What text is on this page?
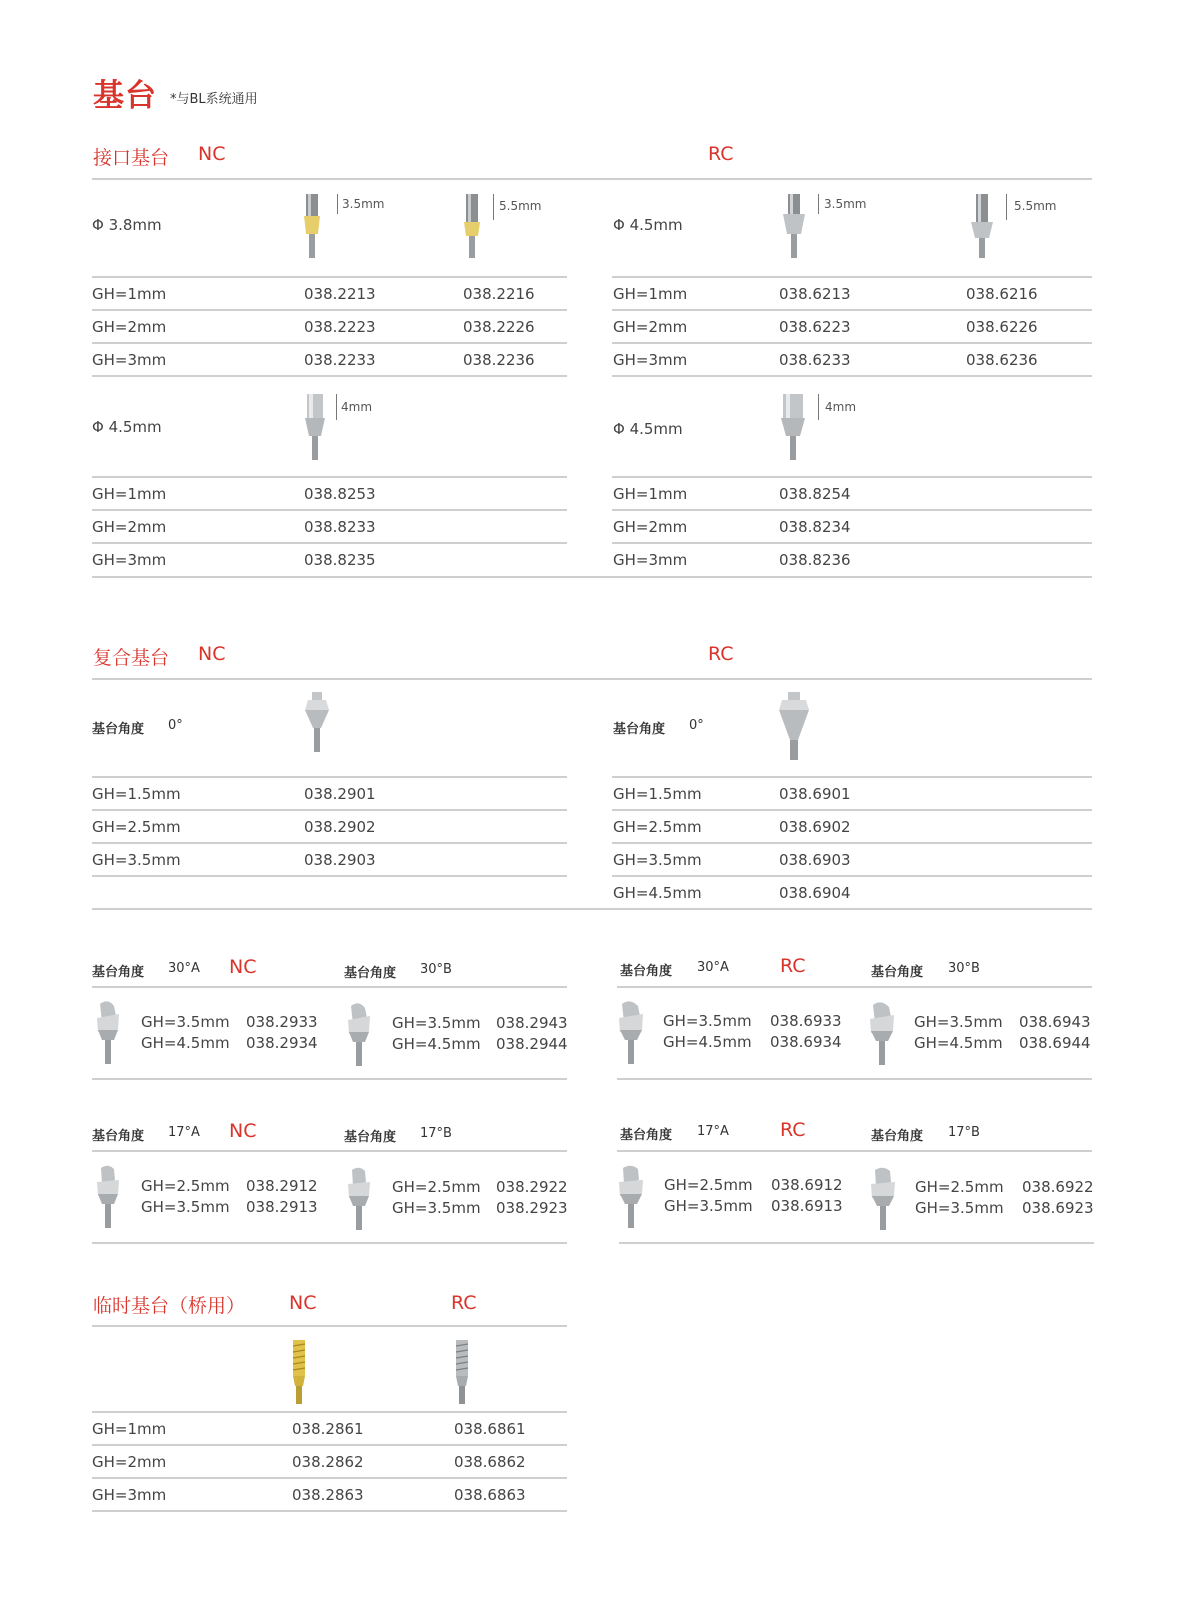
基台 *与BL系统通用
接口基台 NC	RC
Φ 3.8mm
3.5mm	5.5mm
Φ 4.5mm
3.5mm	5.5mm
GH=1mm	038.2213	038.2216
GH=2mm	038.2223	038.2226
GH=3mm	038.2233	038.2236
GH=1mm	038.6213	038.6216
GH=2mm	038.6223	038.6226
GH=3mm	038.6233	038.6236
Φ 4.5mm
4mm
Φ 4.5mm
4mm
GH=1mm	038.8253
GH=2mm	038.8233
GH=3mm	038.8235
GH=1mm	038.8254
GH=2mm	038.8234
GH=3mm	038.8236
复合基台 NC	RC
基台角度 0°	基台角度 0°
GH=1.5mm	038.2901
GH=2.5mm	038.2902
GH=3.5mm	038.2903
GH=1.5mm	038.6901
GH=2.5mm	038.6902
GH=3.5mm	038.6903
GH=4.5mm	038.6904
基台角度 30°A NC	基台角度 30°B	基台角度 30°A	RC	基台角度 30°B
GH=3.5mm 038.2933
GH=4.5mm 038.2934
GH=3.5mm 038.2943
GH=4.5mm 038.2944
GH=3.5mm 038.6933
GH=4.5mm 038.6934
GH=3.5mm 038.6943
GH=4.5mm 038.6944
基台角度 17°A NC	基台角度 17°B	基台角度 17°A	RC	基台角度 17°B
GH=2.5mm 038.2912
GH=3.5mm 038.2913
GH=2.5mm 038.2922
GH=3.5mm 038.2923
GH=2.5mm 038.6912
GH=3.5mm 038.6913
GH=2.5mm 038.6922
GH=3.5mm 038.6923
临时基台（桥用） NC	RC
GH=1mm	038.2861	038.6861
GH=2mm	038.2862	038.6862
GH=3mm	038.2863	038.6863
